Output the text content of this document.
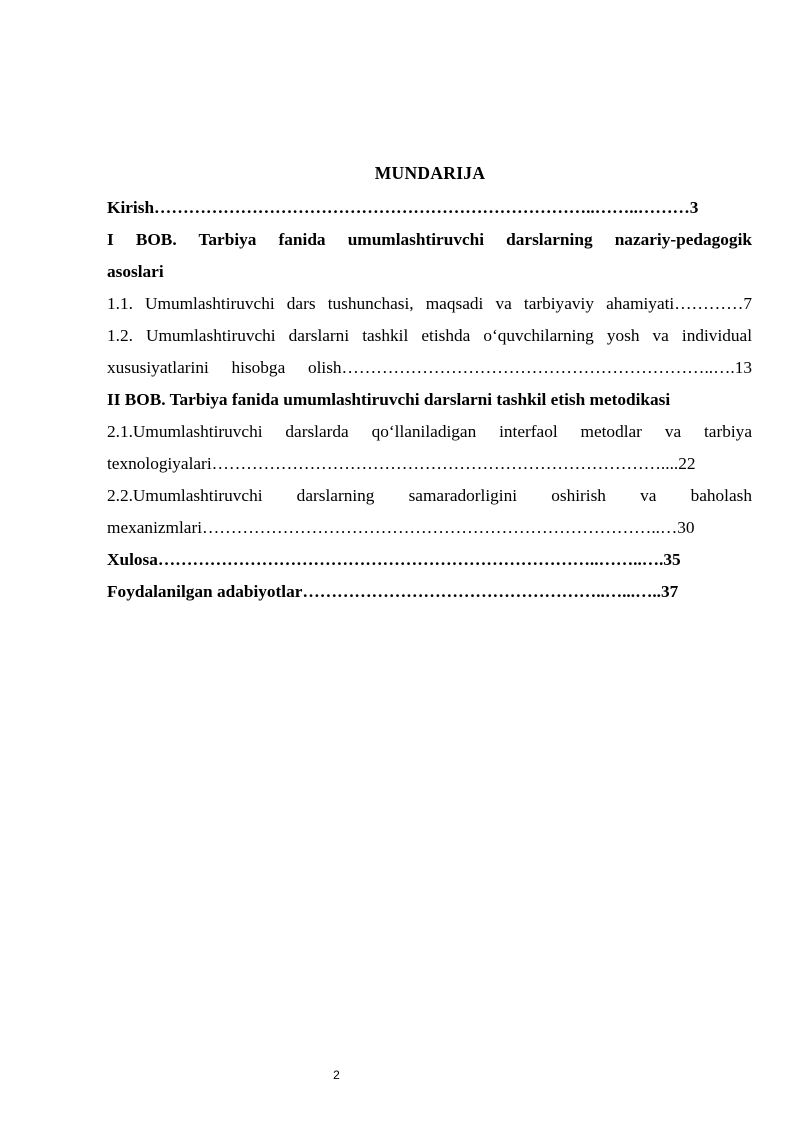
MUNDARIJA
Kirish…………………………………………………………………..……..………3
I BOB. Tarbiya fanida umumlashtiruvchi darslarning nazariy-pedagogik
asoslari
1.1. Umumlashtiruvchi dars tushunchasi, maqsadi va tarbiyaviy ahamiyati…………7
1.2. Umumlashtiruvchi darslarni tashkil etishda oʻquvchilarning yosh va individual
xususiyatlarini hisobga olish………………………………………………………..….13
II BOB. Tarbiya fanida umumlashtiruvchi darslarni tashkil etish metodikasi
2.1.Umumlashtiruvchi darslarda qoʻllaniladigan interfaol metodlar va tarbiya
texnologiyalari……………………………………………………………………....22
2.2.Umumlashtiruvchi darslarning samaradorligini oshirish va baholash
mexanizmlari……………………………………………………………………..…30
Xulosa…………………………………………………………………..……..….35
Foydalanilgan adabiyotlar……………………………………………..…...…..37
2
